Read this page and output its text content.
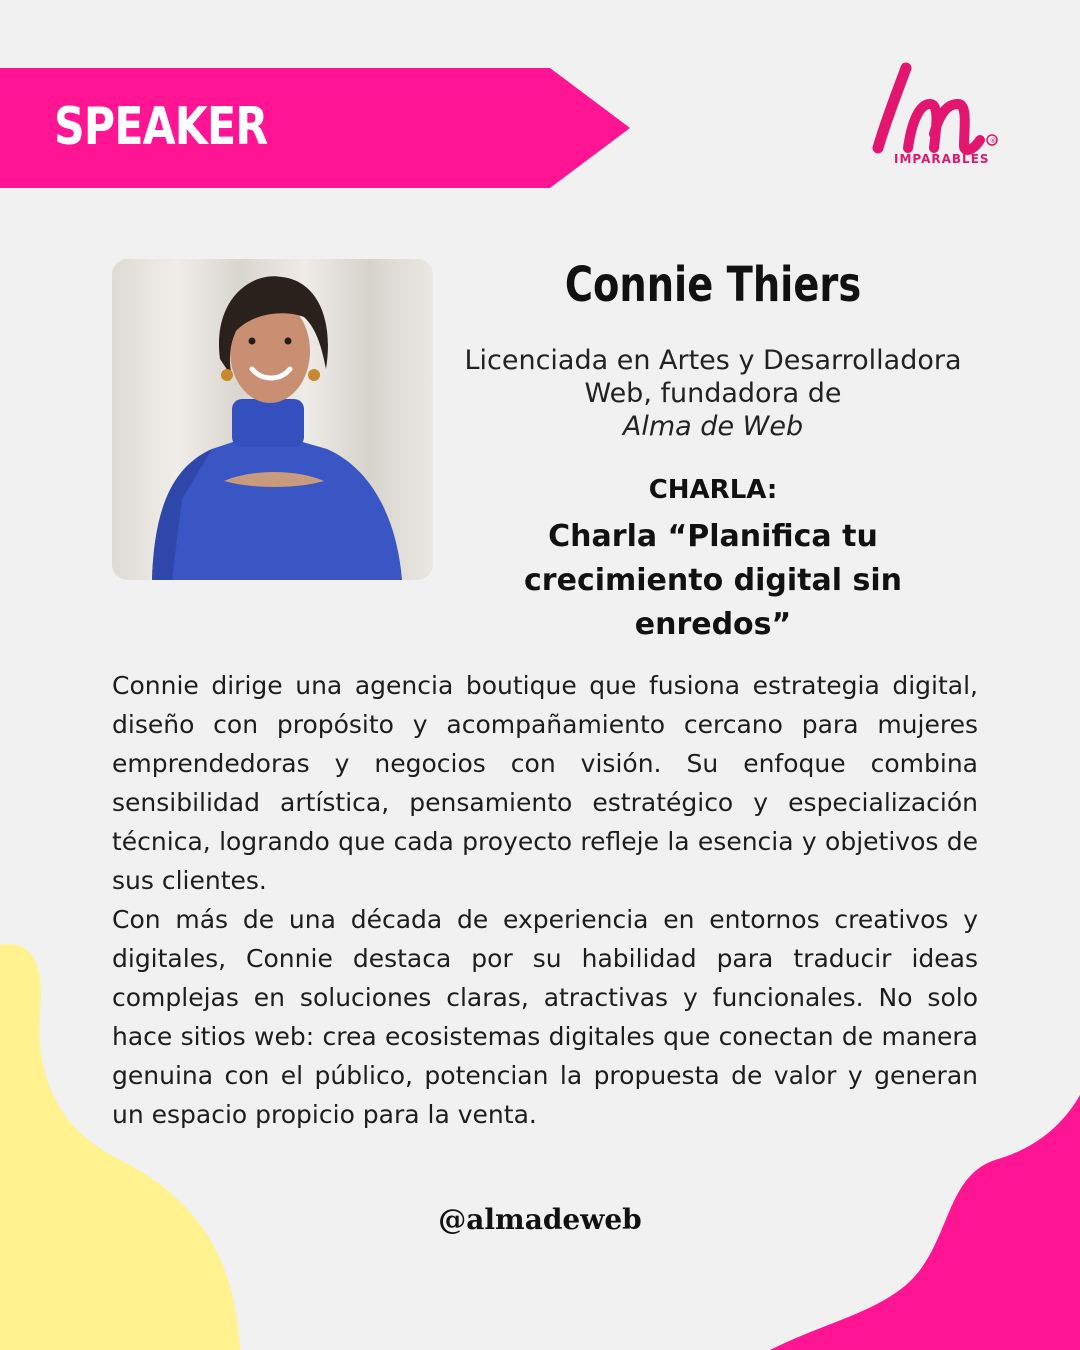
SPEAKER	®
IMPARABLES
Connie Thiers
Licenciada en Artes y Desarrolladora Web, fundadora de
Alma de Web
CHARLA:
Charla “Planifica tu crecimiento digital sin enredos”

Connie dirige una agencia boutique que fusiona estrategia digital, diseño con propósito y acompañamiento cercano para mujeres emprendedoras y negocios con visión. Su enfoque combina sensibilidad artística, pensamiento estratégico y especialización técnica, logrando que cada proyecto refleje la esencia y objetivos de sus clientes.

Con más de una década de experiencia en entornos creativos y digitales, Connie destaca por su habilidad para traducir ideas complejas en soluciones claras, atractivas y funcionales. No solo hace sitios web: crea ecosistemas digitales que conectan de manera genuina con el público, potencian la propuesta de valor y generan un espacio propicio para la venta.

@almadeweb
